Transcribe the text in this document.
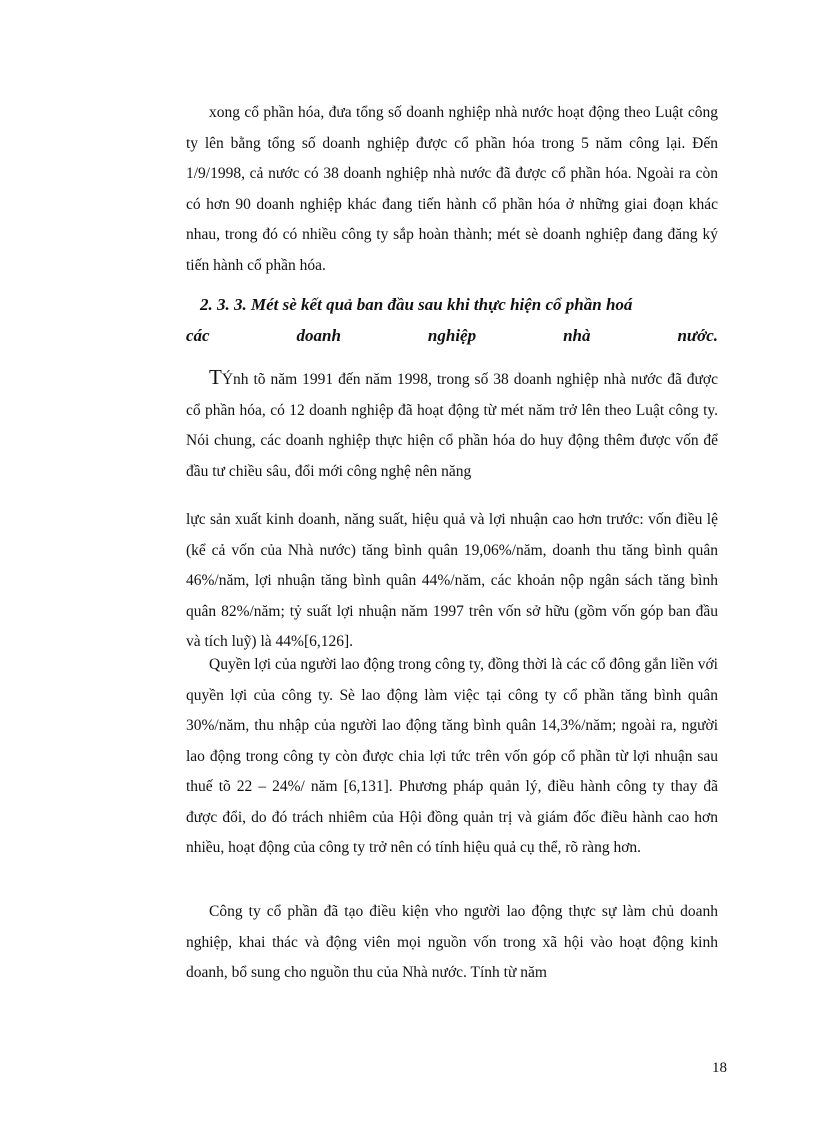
xong cổ phần hóa, đưa tổng số doanh nghiệp nhà nước hoạt động theo Luật công ty lên bằng tổng số doanh nghiệp được cổ phần hóa trong 5 năm công lại. Đến 1/9/1998, cả nước có 38 doanh nghiệp nhà nước đã được cổ phần hóa. Ngoài ra còn có hơn 90 doanh nghiệp khác đang tiến hành cổ phần hóa ở những giai đoạn khác nhau, trong đó có nhiều công ty sắp hoàn thành; mét sè doanh nghiệp đang đăng ký tiến hành cổ phần hóa.

2. 3. 3. Mét sè kết quả ban đầu sau khi thực hiện cổ phần hoá
các	doanh	nghiệp	nhà	nước.

TÝnh tõ năm 1991 đến năm 1998, trong số 38 doanh nghiệp nhà nước đã được cổ phần hóa, có 12 doanh nghiệp đã hoạt động từ mét năm trở lên theo Luật công ty. Nói chung, các doanh nghiệp thực hiện cổ phần hóa do huy động thêm được vốn để đầu tư chiều sâu, đổi mới công nghệ nên năng

lực sản xuất kinh doanh, năng suất, hiệu quả và lợi nhuận cao hơn trước: vốn điều lệ (kể cả vốn của Nhà nước) tăng bình quân 19,06%/năm, doanh thu tăng bình quân 46%/năm, lợi nhuận tăng bình quân 44%/năm, các khoản nộp ngân sách tăng bình quân 82%/năm; tỷ suất lợi nhuận năm 1997 trên vốn sở hữu (gồm vốn góp ban đầu và tích luỹ) là 44%[6,126].

Quyền lợi của người lao động trong công ty, đồng thời là các cổ đông gắn liền với quyền lợi của công ty. Sè lao động làm việc tại công ty cổ phần tăng bình quân 30%/năm, thu nhập của người lao động tăng bình quân 14,3%/năm; ngoài ra, người lao động trong công ty còn được chia lợi tức trên vốn góp cổ phần từ lợi nhuận sau thuế tõ 22 – 24%/ năm [6,131]. Phương pháp quản lý, điều hành công ty thay đã được đổi, do đó trách nhiêm của Hội đồng quản trị và giám đốc điều hành cao hơn nhiều, hoạt động của công ty trở nên có tính hiệu quả cụ thể, rõ ràng hơn.

Công ty cổ phần đã tạo điều kiện vho người lao động thực sự làm chủ doanh nghiệp, khai thác và động viên mọi nguồn vốn trong xã hội vào hoạt động kinh doanh, bổ sung cho nguồn thu của Nhà nước. Tính từ năm

18
